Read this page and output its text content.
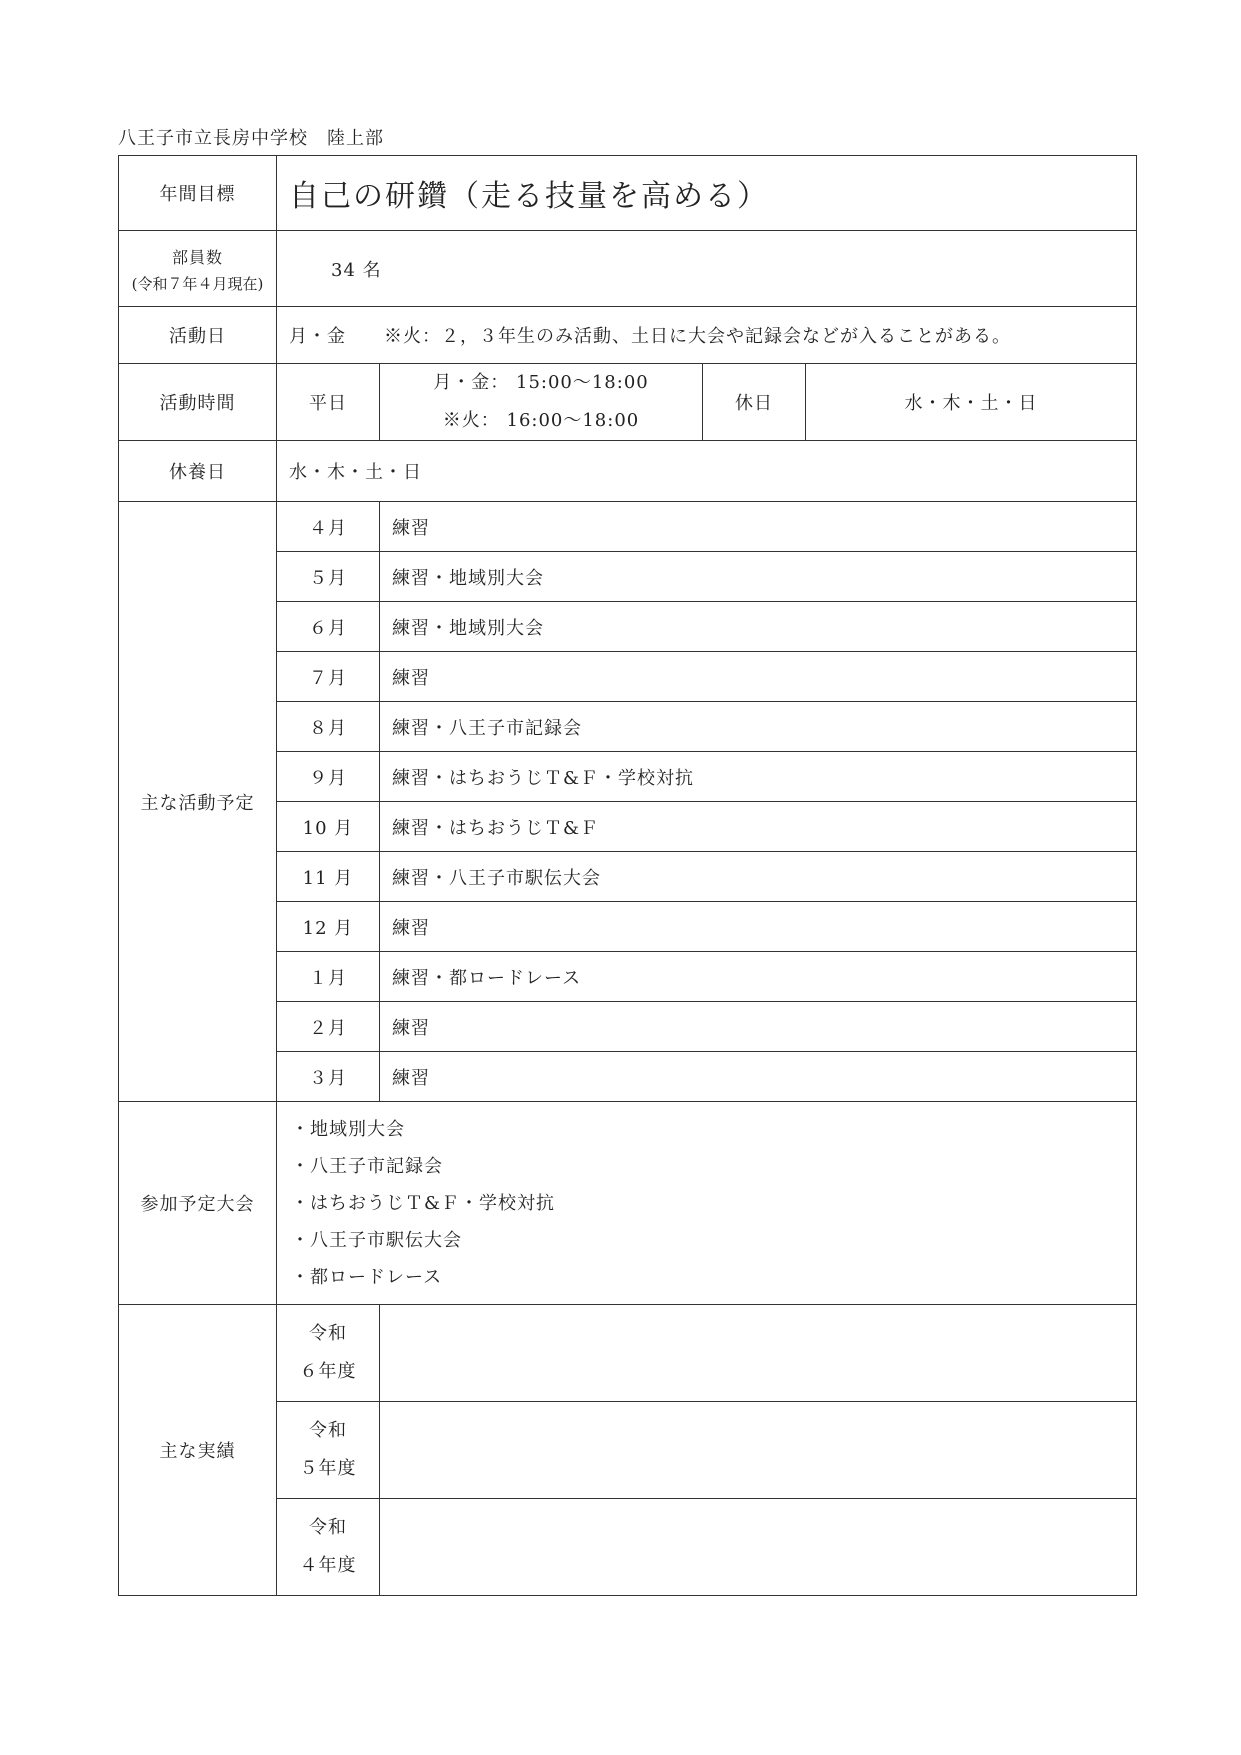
八王子市立長房中学校　陸上部
年間目標	自己の研鑽（走る技量を高める）			

部員数
(令和７年４月現在)	34 名			
活動日	月・金　　※火：２，３年生のみ活動、土日に大会や記録会などが入ることがある。			
活動時間	平日	月・金： 15:00～18:00
※火： 16:00～18:00	休日	水・木・土・日
休養日	水・木・土・日			
主な活動予定	４月	練習		
	５月	練習・地域別大会		
	６月	練習・地域別大会		
	７月	練習		
	８月	練習・八王子市記録会		
	９月	練習・はちおうじＴ&Ｆ・学校対抗		
	10 月	練習・はちおうじＴ&Ｆ		
	11 月	練習・八王子市駅伝大会		
	12 月	練習		
	１月	練習・都ロードレース		
	２月	練習		
	３月	練習		
参加予定大会	・地域別大会
・八王子市記録会
・はちおうじＴ&Ｆ・学校対抗
・八王子市駅伝大会
・都ロードレース			

主な実績	令和
６年度			

	令和
５年度			

	令和
４年度			
